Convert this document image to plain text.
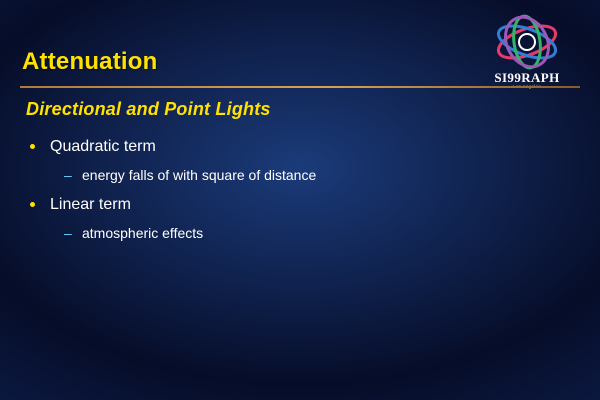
SI99RAPH
Attenuation
Directional and Point Lights
Quadratic term
– energy falls of with square of distance
Linear term
– atmospheric effects
